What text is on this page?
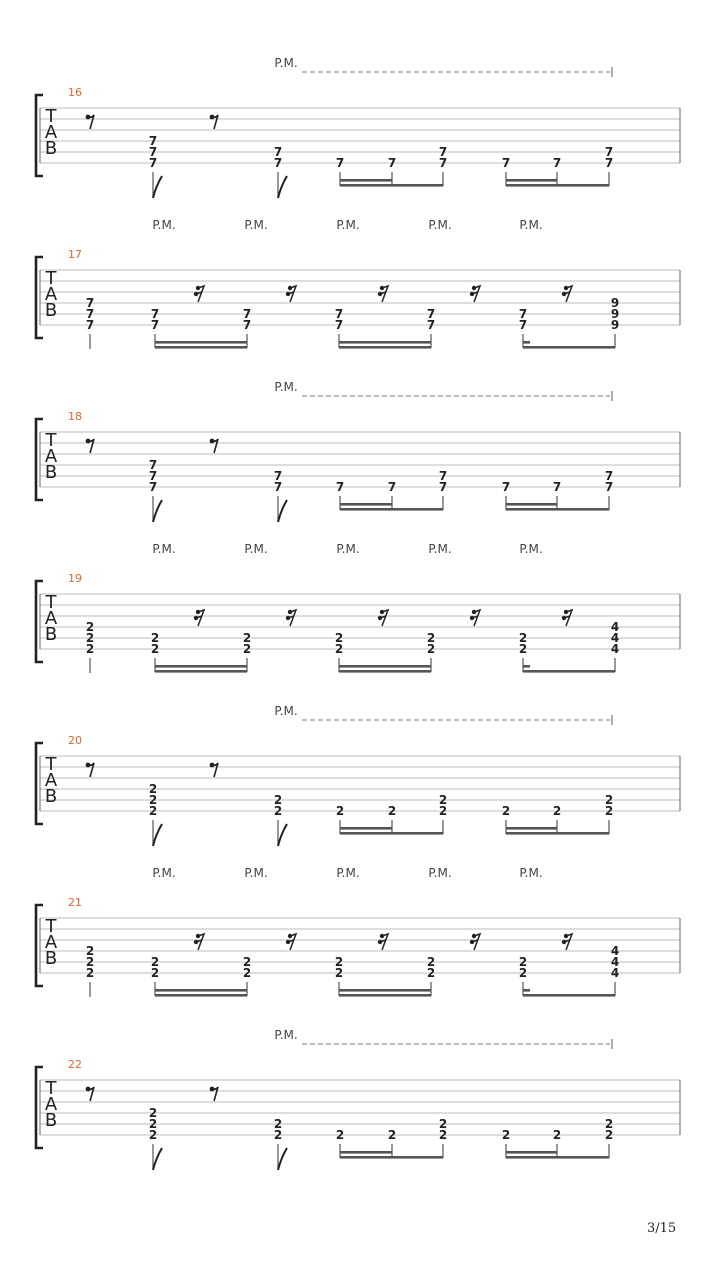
T
A
B
16
P.M.
7
7
7
7
7	7	7
7
7	7	7
7
7
T
A
B
17
P.M.	P.M.	P.M.	P.M.	P.M.
7
7
7
7
7
7
7
7
7
7
7
7
7
9
9
9
T
A
B
18
P.M.
7
7
7
7
7	7	7
7
7	7	7
7
7
T
A
B
19
P.M.	P.M.	P.M.	P.M.	P.M.
2
2
2
2
2
2
2
2
2
2
2
2
2
4
4
4
T
A
B
20
P.M.
2
2
2
2
2	2	2
2
2	2	2
2
2
T
A
B
21
P.M.	P.M.	P.M.	P.M.	P.M.
2
2
2
2
2
2
2
2
2
2
2
2
2
4
4
4
T
A
B
22
P.M.
2
2
2
2
2	2	2
2
2	2	2
2
2
3/15
